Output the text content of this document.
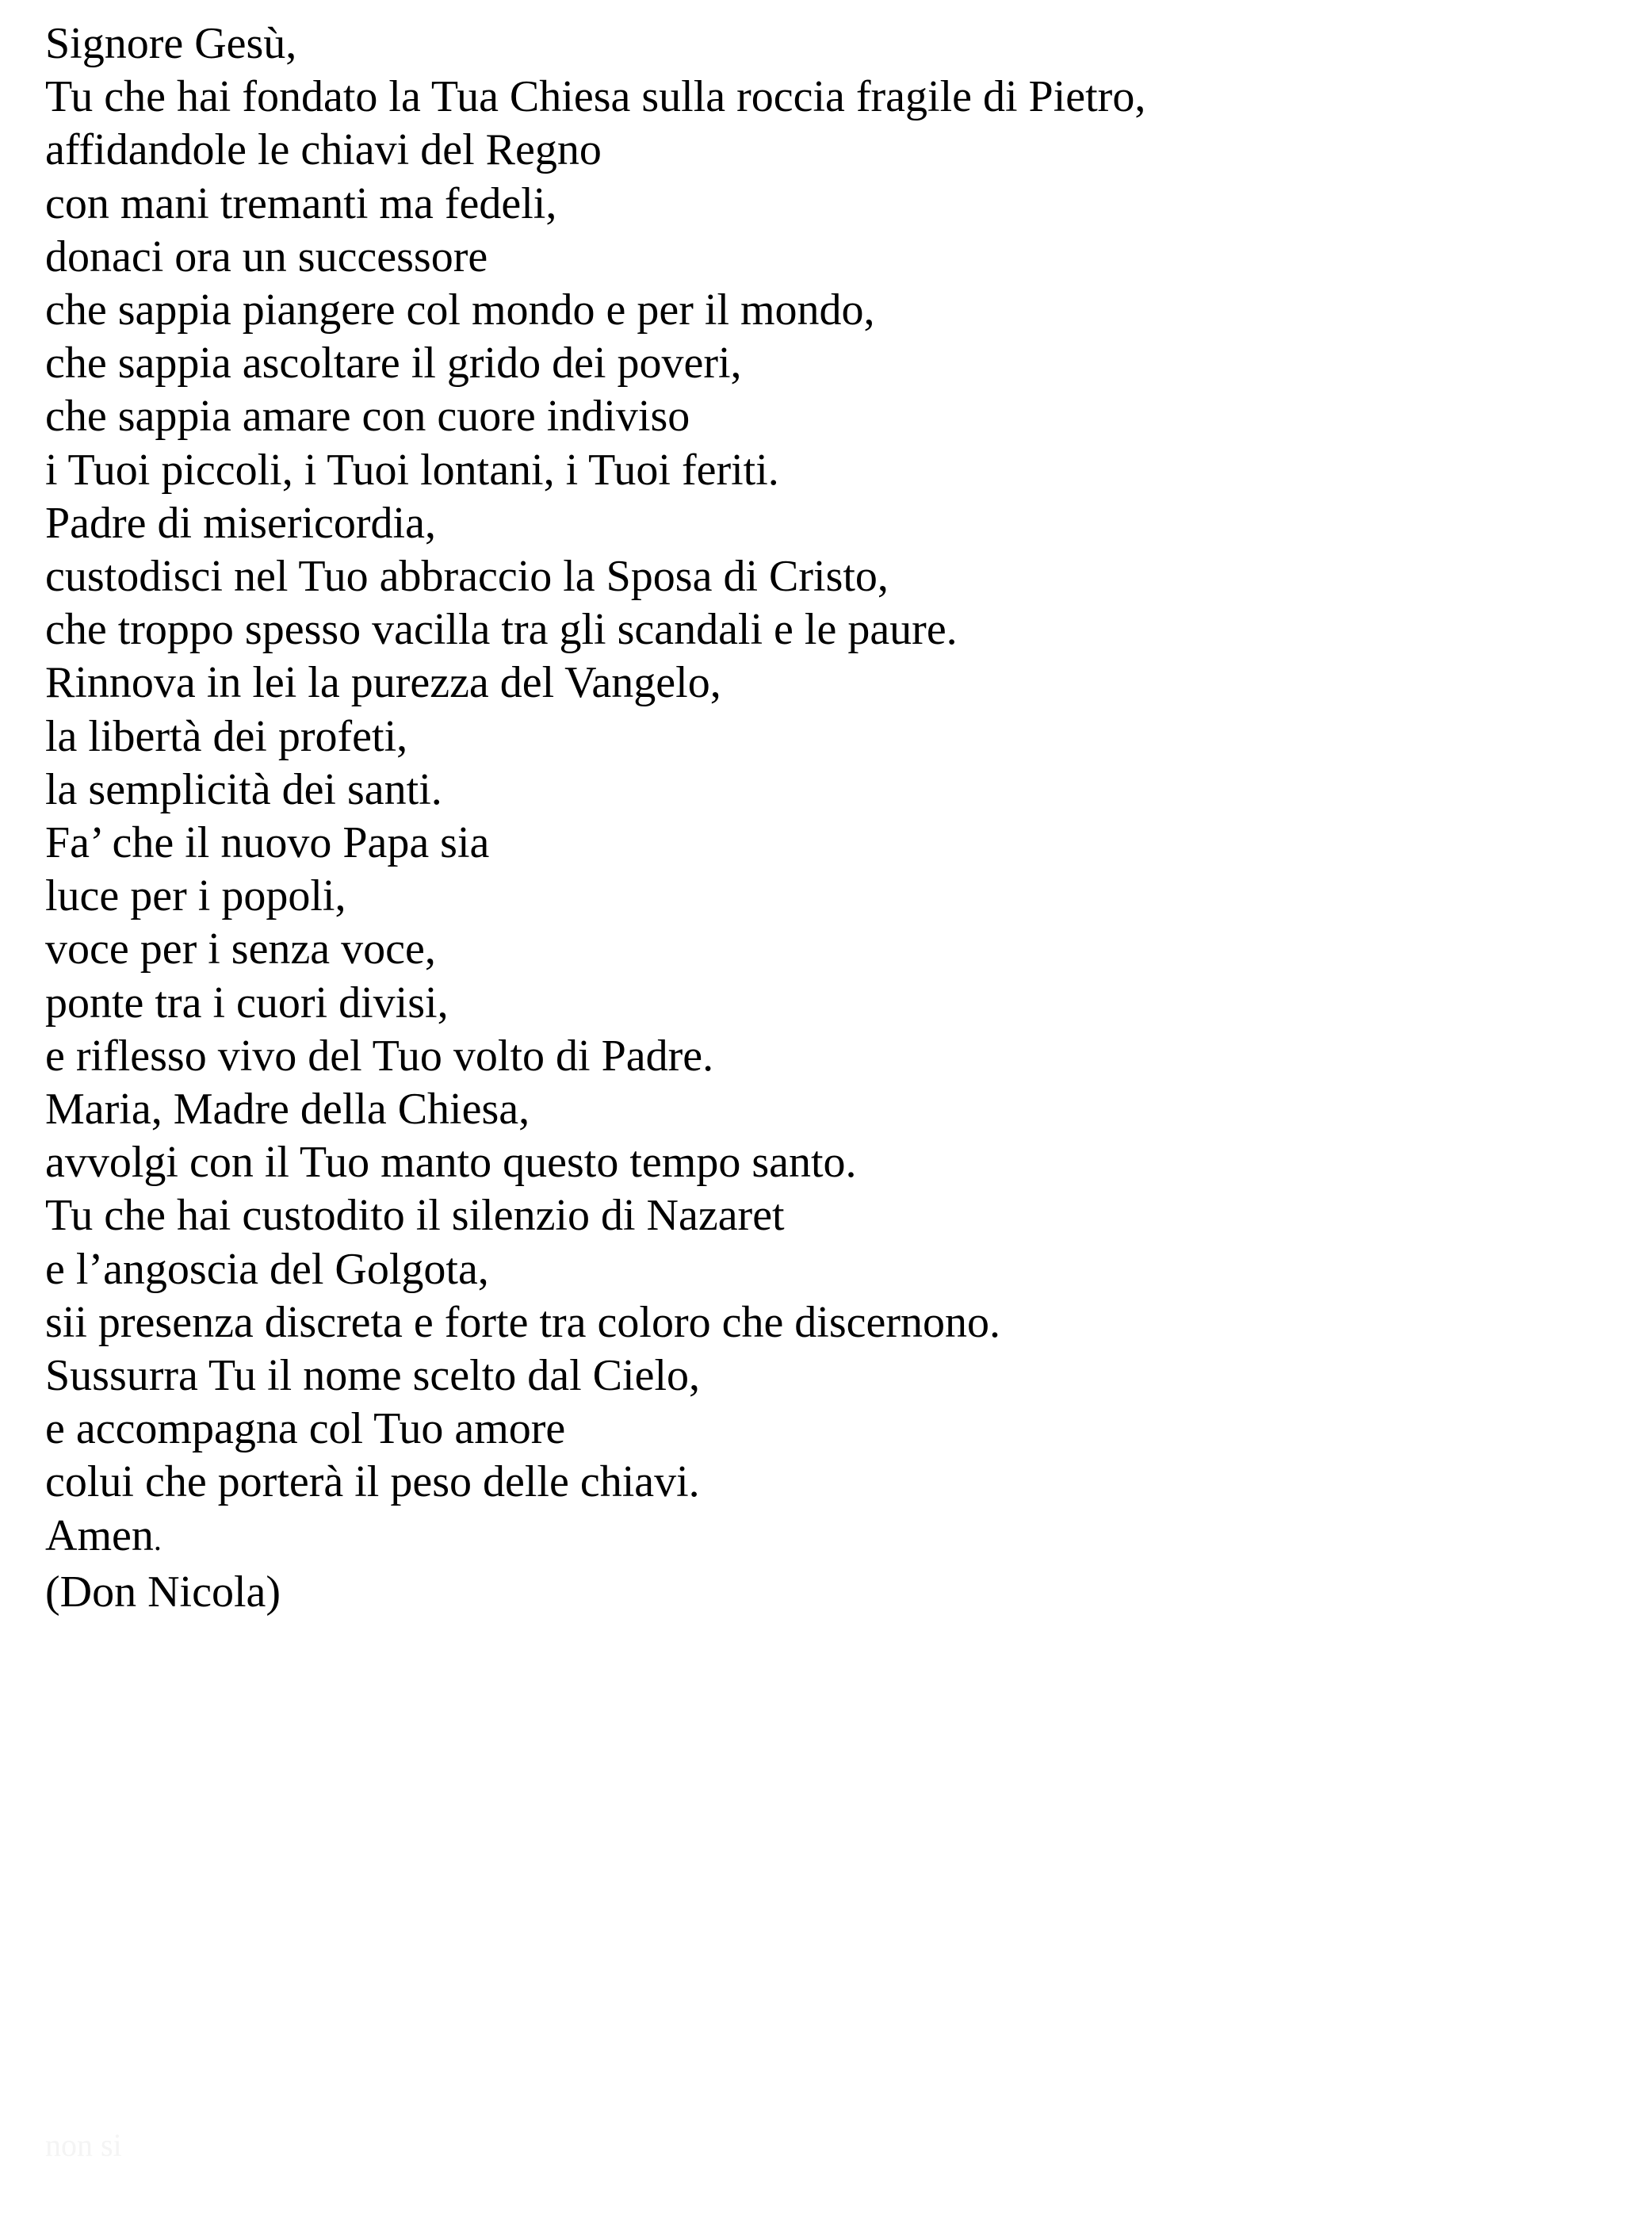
Signore Gesù,
Tu che hai fondato la Tua Chiesa sulla roccia fragile di Pietro,
affidandole le chiavi del Regno
con mani tremanti ma fedeli,
donaci ora un successore
che sappia piangere col mondo e per il mondo,
che sappia ascoltare il grido dei poveri,
che sappia amare con cuore indiviso
i Tuoi piccoli, i Tuoi lontani, i Tuoi feriti.
Padre di misericordia,
custodisci nel Tuo abbraccio la Sposa di Cristo,
che troppo spesso vacilla tra gli scandali e le paure.
Rinnova in lei la purezza del Vangelo,
la libertà dei profeti,
la semplicità dei santi.
Fa’ che il nuovo Papa sia
luce per i popoli,
voce per i senza voce,
ponte tra i cuori divisi,
e riflesso vivo del Tuo volto di Padre.
Maria, Madre della Chiesa,
avvolgi con il Tuo manto questo tempo santo.
Tu che hai custodito il silenzio di Nazaret
e l’angoscia del Golgota,
sii presenza discreta e forte tra coloro che discernono.
Sussurra Tu il nome scelto dal Cielo,
e accompagna col Tuo amore
colui che porterà il peso delle chiavi.
Amen.
(Don Nicola)
non si
